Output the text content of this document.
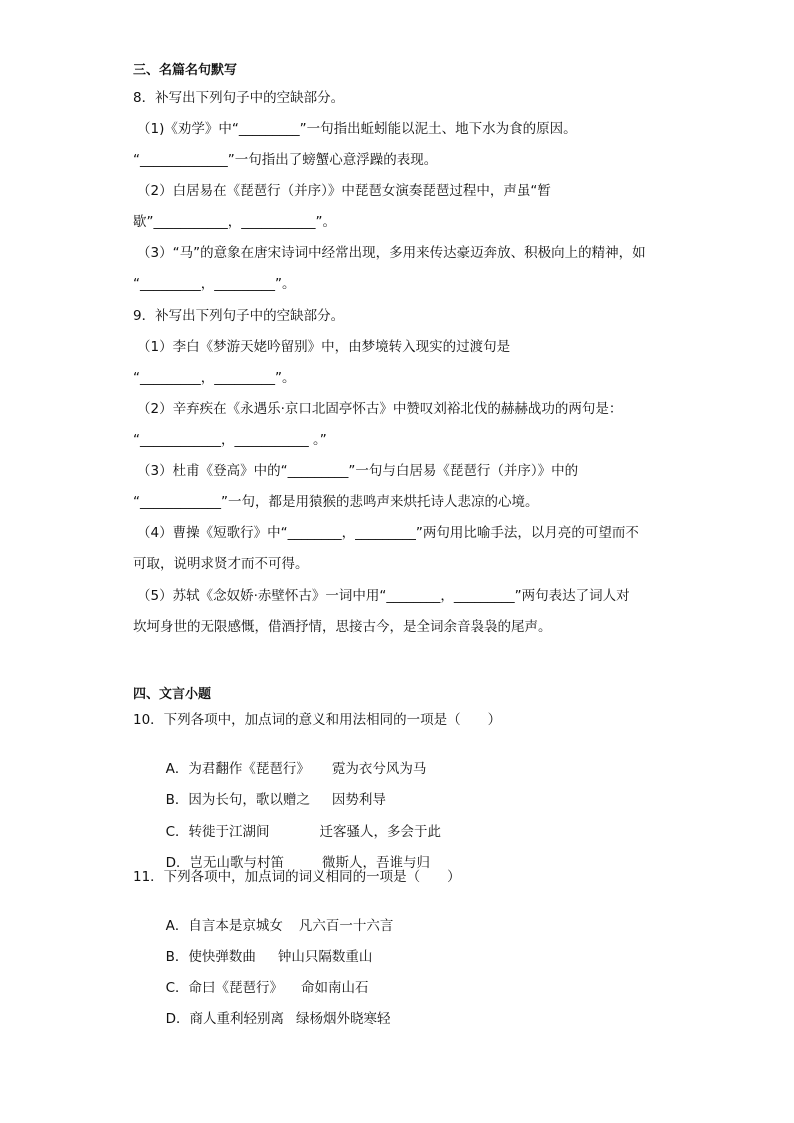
三、名篇名句默写
8．补写出下列句子中的空缺部分。
（1)《劝学》中“_________”一句指出蚯蚓能以泥土、地下水为食的原因。
“_____________”一句指出了螃蟹心意浮躁的表现。
（2）白居易在《琵琶行（并序）》中琵琶女演奏琵琶过程中，声虽“暂
歇”___________，___________”。
（3）“马”的意象在唐宋诗词中经常出现，多用来传达豪迈奔放、积极向上的精神，如
“_________，_________”。
9．补写出下列句子中的空缺部分。
（1）李白《梦游天姥吟留别》中，由梦境转入现实的过渡句是
“_________，_________”。
（2）辛弃疾在《永遇乐·京口北固亭怀古》中赞叹刘裕北伐的赫赫战功的两句是：
“____________，___________ 。”
（3）杜甫《登高》中的“_________”一句与白居易《琵琶行（并序）》中的
“____________”一句，都是用猿猴的悲鸣声来烘托诗人悲凉的心境。
（4）曹操《短歌行》中“________，_________”两句用比喻手法，以月亮的可望而不
可取，说明求贤才而不可得。
（5）苏轼《念奴娇·赤壁怀古》一词中用“________，_________”两句表达了词人对
坎坷身世的无限感慨，借酒抒情，思接古今，是全词余音袅袅的尾声。
四、文言小题
10．下列各项中，加点词的意义和用法相同的一项是（　　）

A．为君翻作《琵琶行》 霓为衣兮风为马

B．因为长句，歌以赠之 因势利导

C．转徙于江湖间	迁客骚人，多会于此

D．岂无山歌与村笛	微斯人，吾谁与归

11．下列各项中，加点词的词义相同的一项是（　　）

A．自言本是京城女 凡六百一十六言

B．使快弹数曲 钟山只隔数重山

C．命曰《琵琶行》 命如南山石

D．商人重利轻别离 绿杨烟外晓寒轻
